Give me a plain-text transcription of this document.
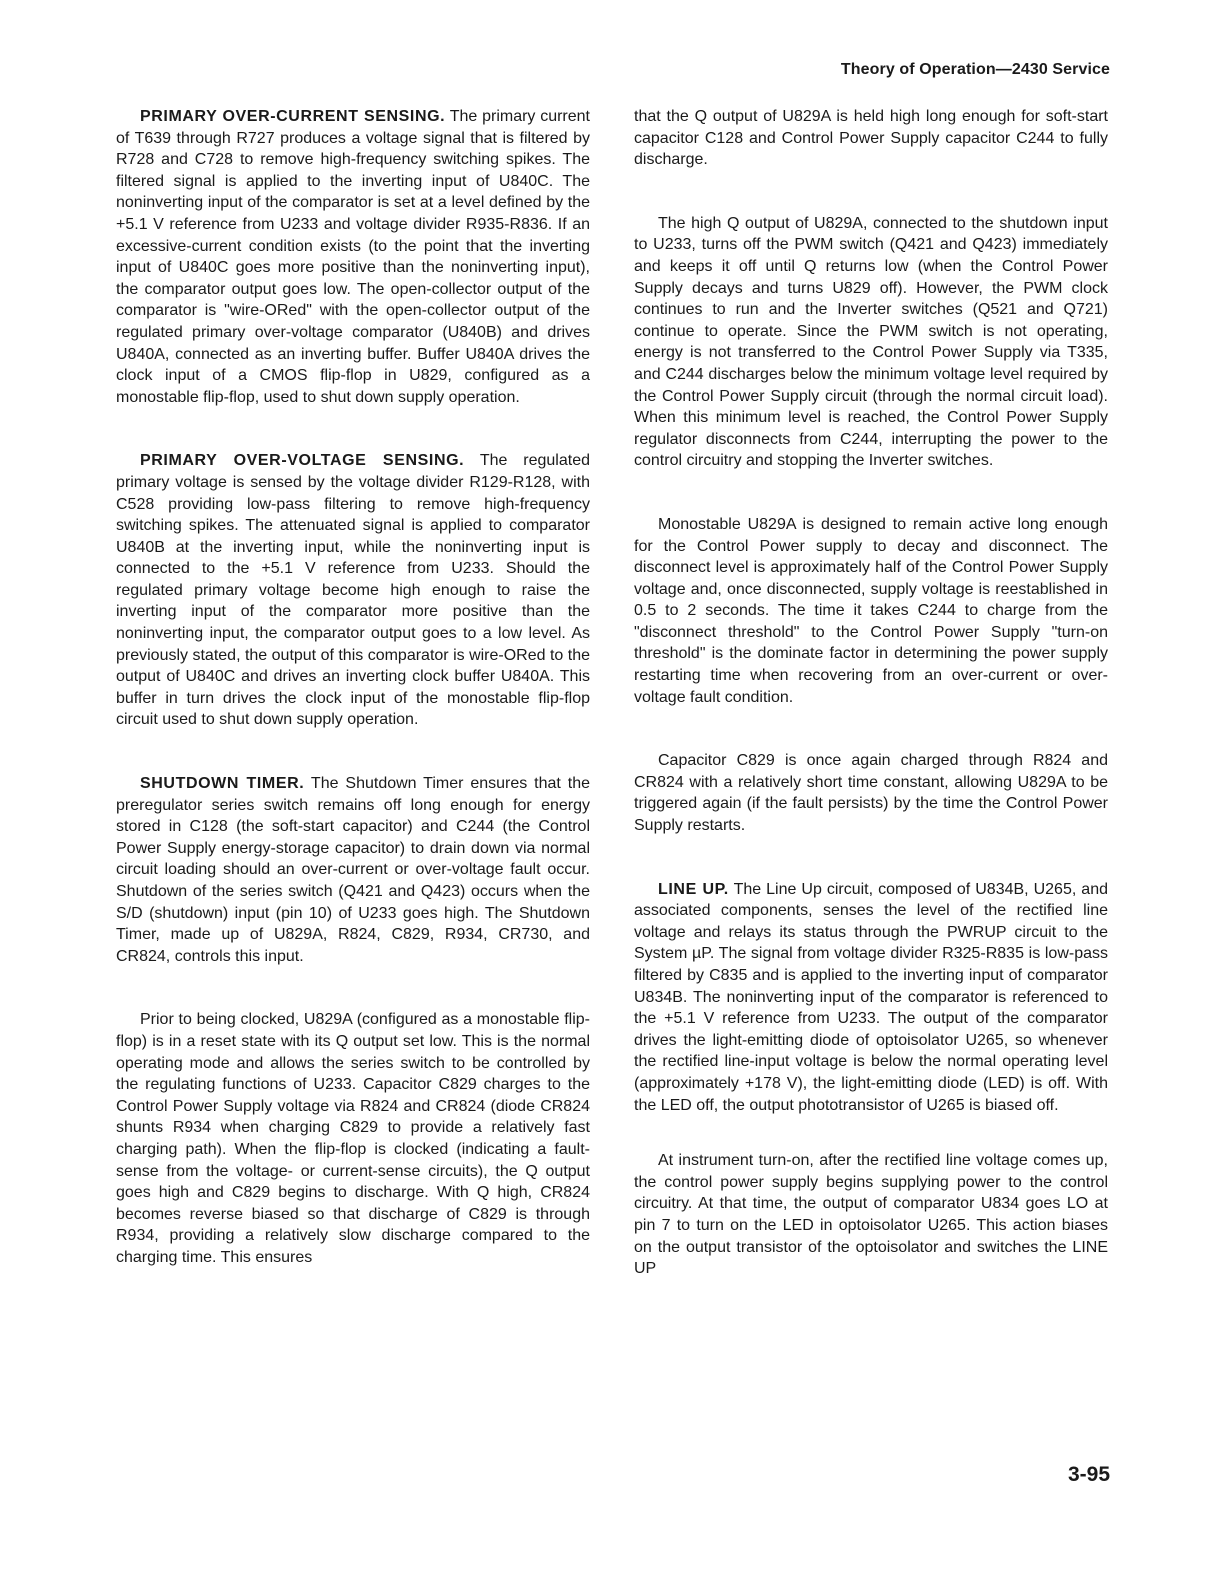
Theory of Operation—2430 Service

PRIMARY OVER-CURRENT SENSING. The primary current of T639 through R727 produces a voltage signal that is filtered by R728 and C728 to remove high-frequency switching spikes. The filtered signal is applied to the inverting input of U840C. The noninverting input of the comparator is set at a level defined by the +5.1 V reference from U233 and voltage divider R935-R836. If an excessive-current condition exists (to the point that the inverting input of U840C goes more positive than the noninverting input), the comparator output goes low. The open-collector output of the comparator is "wire-ORed" with the open-collector output of the regulated primary over-voltage comparator (U840B) and drives U840A, connected as an inverting buffer. Buffer U840A drives the clock input of a CMOS flip-flop in U829, configured as a monostable flip-flop, used to shut down supply operation.

PRIMARY OVER-VOLTAGE SENSING. The regulated primary voltage is sensed by the voltage divider R129-R128, with C528 providing low-pass filtering to remove high-frequency switching spikes. The attenuated signal is applied to comparator U840B at the inverting input, while the noninverting input is connected to the +5.1 V reference from U233. Should the regulated primary voltage become high enough to raise the inverting input of the comparator more positive than the noninverting input, the comparator output goes to a low level. As previously stated, the output of this comparator is wire-ORed to the output of U840C and drives an inverting clock buffer U840A. This buffer in turn drives the clock input of the monostable flip-flop circuit used to shut down supply operation.

SHUTDOWN TIMER. The Shutdown Timer ensures that the preregulator series switch remains off long enough for energy stored in C128 (the soft-start capacitor) and C244 (the Control Power Supply energy-storage capacitor) to drain down via normal circuit loading should an over-current or over-voltage fault occur. Shutdown of the series switch (Q421 and Q423) occurs when the S/D (shutdown) input (pin 10) of U233 goes high. The Shutdown Timer, made up of U829A, R824, C829, R934, CR730, and CR824, controls this input.

Prior to being clocked, U829A (configured as a monostable flip-flop) is in a reset state with its Q output set low. This is the normal operating mode and allows the series switch to be controlled by the regulating functions of U233. Capacitor C829 charges to the Control Power Supply voltage via R824 and CR824 (diode CR824 shunts R934 when charging C829 to provide a relatively fast charging path). When the flip-flop is clocked (indicating a fault-sense from the voltage- or current-sense circuits), the Q output goes high and C829 begins to discharge. With Q high, CR824 becomes reverse biased so that discharge of C829 is through R934, providing a relatively slow discharge compared to the charging time. This ensures

that the Q output of U829A is held high long enough for soft-start capacitor C128 and Control Power Supply capacitor C244 to fully discharge.

The high Q output of U829A, connected to the shutdown input to U233, turns off the PWM switch (Q421 and Q423) immediately and keeps it off until Q returns low (when the Control Power Supply decays and turns U829 off). However, the PWM clock continues to run and the Inverter switches (Q521 and Q721) continue to operate. Since the PWM switch is not operating, energy is not transferred to the Control Power Supply via T335, and C244 discharges below the minimum voltage level required by the Control Power Supply circuit (through the normal circuit load). When this minimum level is reached, the Control Power Supply regulator disconnects from C244, interrupting the power to the control circuitry and stopping the Inverter switches.

Monostable U829A is designed to remain active long enough for the Control Power supply to decay and disconnect. The disconnect level is approximately half of the Control Power Supply voltage and, once disconnected, supply voltage is reestablished in 0.5 to 2 seconds. The time it takes C244 to charge from the "disconnect threshold" to the Control Power Supply "turn-on threshold" is the dominate factor in determining the power supply restarting time when recovering from an over-current or over-voltage fault condition.

Capacitor C829 is once again charged through R824 and CR824 with a relatively short time constant, allowing U829A to be triggered again (if the fault persists) by the time the Control Power Supply restarts.

LINE UP. The Line Up circuit, composed of U834B, U265, and associated components, senses the level of the rectified line voltage and relays its status through the PWRUP circuit to the System µP. The signal from voltage divider R325-R835 is low-pass filtered by C835 and is applied to the inverting input of comparator U834B. The noninverting input of the comparator is referenced to the +5.1 V reference from U233. The output of the comparator drives the light-emitting diode of optoisolator U265, so whenever the rectified line-input voltage is below the normal operating level (approximately +178 V), the light-emitting diode (LED) is off. With the LED off, the output phototransistor of U265 is biased off.

At instrument turn-on, after the rectified line voltage comes up, the control power supply begins supplying power to the control circuitry. At that time, the output of comparator U834 goes LO at pin 7 to turn on the LED in optoisolator U265. This action biases on the output transistor of the optoisolator and switches the LINE UP

3-95
